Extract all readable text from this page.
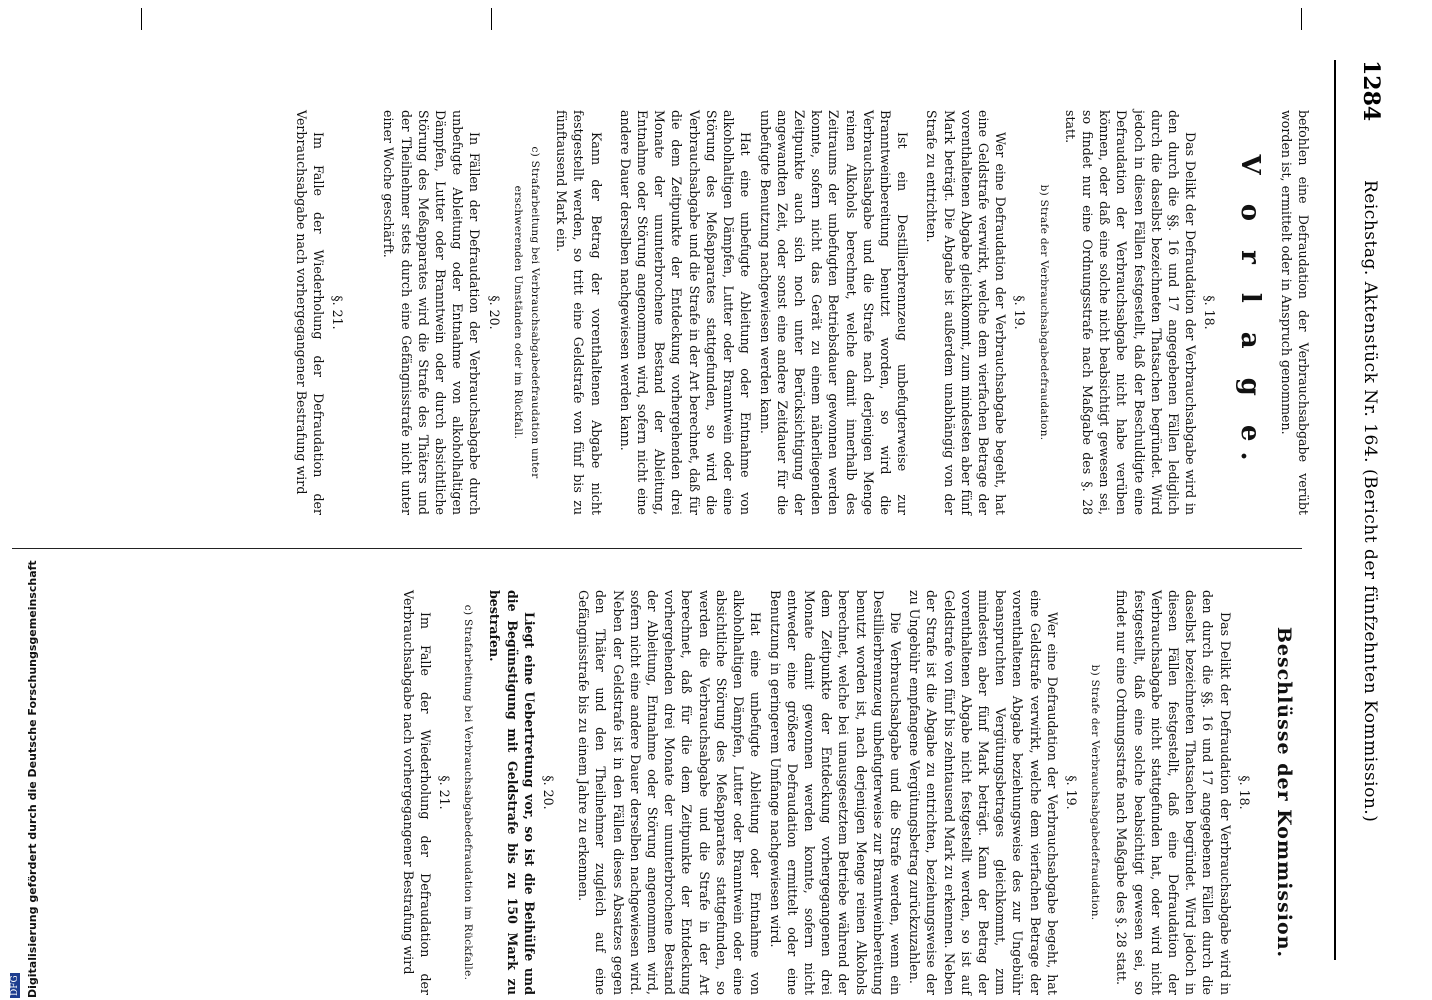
1284
Reichstag. Aktenstück Nr. 164. (Bericht der fünfzehnten Kommission.)
befohlen eine Defraudation der Verbrauchsabgabe verübt worden ist, ermittelt oder in Anspruch genommen.
V o r l a g e.
§. 18.
Das Delikt der Defraudation der Verbrauchsabgabe wird in den durch die §§. 16 und 17 angegebenen Fällen lediglich durch die daselbst bezeichneten Thatsachen begründet. Wird jedoch in diesen Fällen festgestellt, daß der Beschuldigte eine Defraudation der Verbrauchsabgabe nicht habe verüben können, oder daß eine solche nicht beabsichtigt gewesen sei, so findet nur eine Ordnungsstrafe nach Maßgabe des §. 28 statt.
b) Strafe der Verbrauchsabgabedefraudation.
§. 19.
Wer eine Defraudation der Verbrauchsabgabe begeht, hat eine Geldstrafe verwirkt, welche dem vierfachen Betrage der vorenthaltenen Abgabe gleichkommt, zum mindesten aber fünf Mark beträgt. Die Abgabe ist außerdem unabhängig von der Strafe zu entrichten.
Ist ein Destillierbrennzeug unbefugterweise zur Branntweinbereitung benutzt worden, so wird die Verbrauchsabgabe und die Strafe nach derjenigen Menge reinen Alkohols berechnet, welche damit innerhalb des Zeitraums der unbefugten Betriebsdauer gewonnen werden konnte, sofern nicht das Gerät zu einem näherliegenden Zeitpunkte auch sich noch unter Berücksichtigung der angewandten Zeit, oder sonst eine andere Zeitdauer für die unbefugte Benutzung nachgewiesen werden kann.
Hat eine unbefugte Ableitung oder Entnahme von alkoholhaltigen Dämpfen, Lutter oder Branntwein oder eine Störung des Meßapparates stattgefunden, so wird die Verbrauchsabgabe und die Strafe in der Art berechnet, daß für die dem Zeitpunkte der Entdeckung vorhergehenden drei Monate der ununterbrochene Bestand der Ableitung, Entnahme oder Störung angenommen wird, sofern nicht eine andere Dauer derselben nachgewiesen werden kann.
Kann der Betrag der vorenthaltenen Abgabe nicht festgestellt werden, so tritt eine Geldstrafe von fünf bis zu fünftausend Mark ein.
c) Strafarbeitung bei Verbrauchsabgabedefraudation unter erschwerenden Umständen oder im Rückfall.
§. 20.
In Fällen der Defraudation der Verbrauchsabgabe durch unbefugte Ableitung oder Entnahme von alkoholhaltigen Dämpfen, Lutter oder Branntwein oder durch absichtliche Störung des Meßapparates wird die Strafe des Thäters und der Theilnehmer stets durch eine Gefängnisstrafe nicht unter einer Woche geschärft.
§. 21.
Im Falle der Wiederholung der Defraudation der Verbrauchsabgabe nach vorhergegangener Bestrafung wird
Beschlüsse der Kommission.
§. 18.
Das Delikt der Defraudation der Verbrauchsabgabe wird in den durch die §§. 16 und 17 angegebenen Fällen durch die daselbst bezeichneten Thatsachen begründet. Wird jedoch in diesen Fällen festgestellt, daß eine Defraudation der Verbrauchsabgabe nicht stattgefunden hat, oder wird nicht festgestellt, daß eine solche beabsichtigt gewesen sei, so findet nur eine Ordnungsstrafe nach Maßgabe des §. 28 statt.
b) Strafe der Verbrauchsabgabedefraudation.
§. 19.
Wer eine Defraudation der Verbrauchsabgabe begeht, hat eine Geldstrafe verwirkt, welche dem vierfachen Betrage der vorenthaltenen Abgabe beziehungsweise des zur Ungebühr beanspruchten Vergütungsbetrages gleichkommt, zum mindesten aber fünf Mark beträgt. Kann der Betrag der vorenthaltenen Abgabe nicht festgestellt werden, so ist auf Geldstrafe von fünf bis zehntausend Mark zu erkennen. Neben der Strafe ist die Abgabe zu entrichten, beziehungsweise der zu Ungebühr empfangene Vergütungsbetrag zurückzuzahlen.
Die Verbrauchsabgabe und die Strafe werden, wenn ein Destillierbrennzeug unbefugterweise zur Branntweinbereitung benutzt worden ist, nach derjenigen Menge reinen Alkohols berechnet, welche bei unausgesetztem Betriebe während der dem Zeitpunkte der Entdeckung vorhergegangenen drei Monate damit gewonnen werden konnte, sofern nicht entweder eine größere Defraudation ermittelt oder eine Benutzung in geringerem Umfange nachgewiesen wird.
Hat eine unbefugte Ableitung oder Entnahme von alkoholhaltigen Dämpfen, Lutter oder Branntwein oder eine absichtliche Störung des Meßapparates stattgefunden, so werden die Verbrauchsabgabe und die Strafe in der Art berechnet, daß für die dem Zeitpunkte der Entdeckung vorhergehenden drei Monate der ununterbrochene Bestand der Ableitung, Entnahme oder Störung angenommen wird, sofern nicht eine andere Dauer derselben nachgewiesen wird. Neben der Geldstrafe ist in den Fällen dieses Absatzes gegen den Thäter und den Theilnehmer zugleich auf eine Gefängnisstrafe bis zu einem Jahre zu erkennen.
§. 20.
Liegt eine Uebertretung vor, so ist die Beihülfe und die Begünstigung mit Geldstrafe bis zu 150 Mark zu bestrafen.
c) Strafarbeitung bei Verbrauchsabgabedefraudation im Rückfalle.
§. 21.
Im Falle der Wiederholung der Defraudation der Verbrauchsabgabe nach vorhergegangener Bestrafung wird
DFG Digitalisierung gefördert durch die Deutsche Forschungsgemeinschaft
